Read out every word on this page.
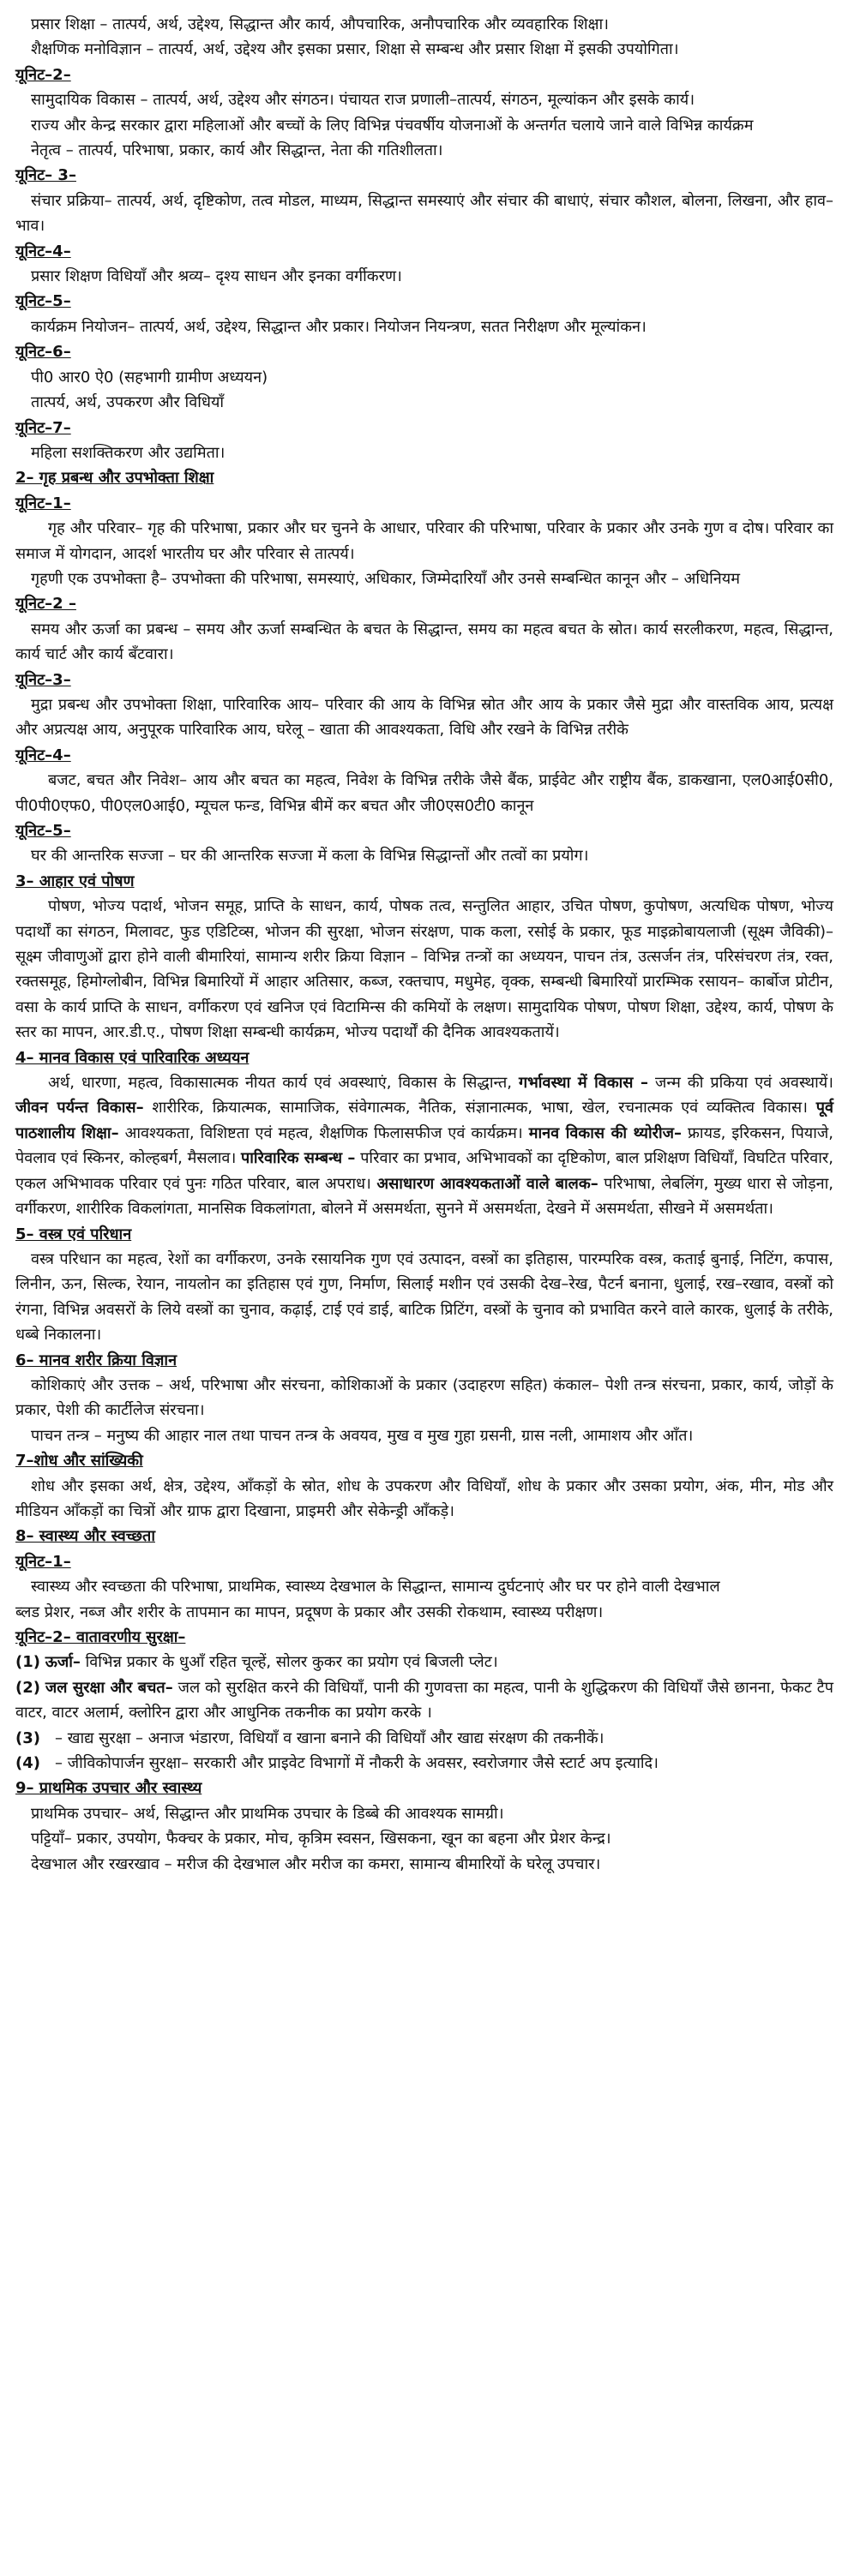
प्रसार शिक्षा – तात्पर्य, अर्थ, उद्देश्य, सिद्धान्त और कार्य, औपचारिक, अनौपचारिक और व्यवहारिक शिक्षा।

शैक्षणिक मनोविज्ञान – तात्पर्य, अर्थ, उद्देश्य और इसका प्रसार, शिक्षा से सम्बन्ध और प्रसार शिक्षा में इसकी उपयोगिता।

यूनिट–2–

सामुदायिक विकास – तात्पर्य, अर्थ, उद्देश्य और संगठन। पंचायत राज प्रणाली–तात्पर्य, संगठन, मूल्यांकन और इसके कार्य।

राज्य और केन्द्र सरकार द्वारा महिलाओं और बच्चों के लिए विभिन्न पंचवर्षीय योजनाओं के अन्तर्गत चलाये जाने वाले विभिन्न कार्यक्रम

नेतृत्व – तात्पर्य, परिभाषा, प्रकार, कार्य और सिद्धान्त, नेता की गतिशीलता।

यूनिट– 3–

संचार प्रक्रिया– तात्पर्य, अर्थ, दृष्टिकोण, तत्व मोडल, माध्यम, सिद्धान्त समस्याएं और संचार की बाधाएं, संचार कौशल, बोलना, लिखना, और हाव– भाव।

यूनिट–4–

प्रसार शिक्षण विधियाँ और श्रव्य– दृश्य साधन और इनका वर्गीकरण।

यूनिट–5–

कार्यक्रम नियोजन– तात्पर्य, अर्थ, उद्देश्य, सिद्धान्त और प्रकार। नियोजन नियन्त्रण, सतत निरीक्षण और मूल्यांकन।

यूनिट–6–

पी0 आर0 ऐ0 (सहभागी ग्रामीण अध्ययन)

तात्पर्य, अर्थ, उपकरण और विधियाँ

यूनिट–7–

महिला सशक्तिकरण और उद्यमिता।

2– गृह प्रबन्ध और उपभोक्ता शिक्षा
यूनिट–1–

गृह और परिवार– गृह की परिभाषा, प्रकार और घर चुनने के आधार, परिवार की परिभाषा, परिवार के प्रकार और उनके गुण व दोष। परिवार का समाज में योगदान, आदर्श भारतीय घर और परिवार से तात्पर्य।

गृहणी एक उपभोक्ता है– उपभोक्ता की परिभाषा, समस्याएं, अधिकार, जिम्मेदारियाँ और उनसे सम्बन्धित कानून और – अधिनियम

यूनिट–2 –

समय और ऊर्जा का प्रबन्ध – समय और ऊर्जा सम्बन्धित के बचत के सिद्धान्त, समय का महत्व बचत के स्रोत। कार्य सरलीकरण, महत्व, सिद्धान्त, कार्य चार्ट और कार्य बँटवारा।

यूनिट–3–

मुद्रा प्रबन्ध और उपभोक्ता शिक्षा, पारिवारिक आय– परिवार की आय के विभिन्न स्रोत और आय के प्रकार जैसे मुद्रा और वास्तविक आय, प्रत्यक्ष और अप्रत्यक्ष आय, अनुपूरक पारिवारिक आय, घरेलू – खाता की आवश्यकता, विधि और रखने के विभिन्न तरीके

यूनिट–4–

बजट, बचत और निवेश– आय और बचत का महत्व, निवेश के विभिन्न तरीके जैसे बैंक, प्राईवेट और राष्ट्रीय बैंक, डाकखाना, एल0आई0सी0, पी0पी0एफ0, पी0एल0आई0, म्यूचल फन्ड, विभिन्न बीमें कर बचत और जी0एस0टी0 कानून

यूनिट–5–

घर की आन्तरिक सज्जा – घर की आन्तरिक सज्जा में कला के विभिन्न सिद्धान्तों और तत्वों का प्रयोग।

3– आहार एवं पोषण

पोषण, भोज्य पदार्थ, भोजन समूह, प्राप्ति के साधन, कार्य, पोषक तत्व, सन्तुलित आहार, उचित पोषण, कुपोषण, अत्यधिक पोषण, भोज्य पदार्थों का संगठन, मिलावट, फुड एडिटिव्स, भोजन की सुरक्षा, भोजन संरक्षण, पाक कला, रसोई के प्रकार, फूड माइक्रोबायलाजी (सूक्ष्म जैविकी)–सूक्ष्म जीवाणुओं द्वारा होने वाली बीमारियां, सामान्य शरीर क्रिया विज्ञान – विभिन्न तन्त्रों का अध्ययन, पाचन तंत्र, उत्सर्जन तंत्र, परिसंचरण तंत्र, रक्त, रक्तसमूह, हिमोग्लोबीन, विभिन्न बिमारियों में आहार अतिसार, कब्ज, रक्तचाप, मधुमेह, वृक्क, सम्बन्धी बिमारियों प्रारम्भिक रसायन– कार्बोज प्रोटीन, वसा के कार्य प्राप्ति के साधन, वर्गीकरण एवं खनिज एवं विटामिन्स की कमियों के लक्षण। सामुदायिक पोषण, पोषण शिक्षा, उद्देश्य, कार्य, पोषण के स्तर का मापन, आर.डी.ए., पोषण शिक्षा सम्बन्धी कार्यक्रम, भोज्य पदार्थों की दैनिक आवश्यकतायें।

4– मानव विकास एवं पारिवारिक अध्ययन

अर्थ, धारणा, महत्व, विकासात्मक नीयत कार्य एवं अवस्थाएं, विकास के सिद्धान्त, गर्भावस्था में विकास – जन्म की प्रकिया एवं अवस्थायें। जीवन पर्यन्त विकास– शारीरिक, क्रियात्मक, सामाजिक, संवेगात्मक, नैतिक, संज्ञानात्मक, भाषा, खेल, रचनात्मक एवं व्यक्तित्व विकास। पूर्व पाठशालीय शिक्षा– आवश्यकता, विशिष्टता एवं महत्व, शैक्षणिक फिलासफीज एवं कार्यक्रम। मानव विकास की थ्योरीज– फ्रायड, इरिकसन, पियाजे, पेवलाव एवं स्किनर, कोल्हबर्ग, मैसलाव। पारिवारिक सम्बन्ध – परिवार का प्रभाव, अभिभावकों का दृष्टिकोण, बाल प्रशिक्षण विधियाँ, विघटित परिवार, एकल अभिभावक परिवार एवं पुनः गठित परिवार, बाल अपराध। असाधारण आवश्यकताओं वाले बालक– परिभाषा, लेबलिंग, मुख्य धारा से जोड़ना, वर्गीकरण, शारीरिक विकलांगता, मानसिक विकलांगता, बोलने में असमर्थता, सुनने में असमर्थता, देखने में असमर्थता, सीखने में असमर्थता।

5– वस्त्र एवं परिधान

वस्त्र परिधान का महत्व, रेशों का वर्गीकरण, उनके रसायनिक गुण एवं उत्पादन, वस्त्रों का इतिहास, पारम्परिक वस्त्र, कताई बुनाई, निटिंग, कपास, लिनीन, ऊन, सिल्क, रेयान, नायलोन का इतिहास एवं गुण, निर्माण, सिलाई मशीन एवं उसकी देख–रेख, पैटर्न बनाना, धुलाई, रख–रखाव, वस्त्रों को रंगना, विभिन्न अवसरों के लिये वस्त्रों का चुनाव, कढ़ाई, टाई एवं डाई, बाटिक प्रिटिंग, वस्त्रों के चुनाव को प्रभावित करने वाले कारक, धुलाई के तरीके, धब्बे निकालना।

6– मानव शरीर क्रिया विज्ञान

कोशिकाएं और उत्तक – अर्थ, परिभाषा और संरचना, कोशिकाओं के प्रकार (उदाहरण सहित) कंकाल– पेशी तन्त्र संरचना, प्रकार, कार्य, जोड़ों के प्रकार, पेशी की कार्टीलेज संरचना।

पाचन तन्त्र – मनुष्य की आहार नाल तथा पाचन तन्त्र के अवयव, मुख व मुख गुहा ग्रसनी, ग्रास नली, आमाशय और आँत।

7–शोध और सांख्यिकी

शोध और इसका अर्थ, क्षेत्र, उद्देश्य, आँकड़ों के स्रोत, शोध के उपकरण और विधियाँ, शोध के प्रकार और उसका प्रयोग, अंक, मीन, मोड और मीडियन आँकड़ों का चित्रों और ग्राफ द्वारा दिखाना, प्राइमरी और सेकेन्ड्री आँकड़े।

8– स्वास्थ्य और स्वच्छता
यूनिट–1–

स्वास्थ्य और स्वच्छता की परिभाषा, प्राथमिक, स्वास्थ्य देखभाल के सिद्धान्त, सामान्य दुर्घटनाएं और घर पर होने वाली देखभाल

ब्लड प्रेशर, नब्ज और शरीर के तापमान का मापन, प्रदूषण के प्रकार और उसकी रोकथाम, स्वास्थ्य परीक्षण।

यूनिट–2– वातावरणीय सुरक्षा–

(1) ऊर्जा– विभिन्न प्रकार के धुआँ रहित चूल्हें, सोलर कुकर का प्रयोग एवं बिजली प्लेट।

(2) जल सुरक्षा और बचत– जल को सुरक्षित करने की विधियाँ, पानी की गुणवत्ता का महत्व, पानी के शुद्धिकरण की विधियाँ जैसे छानना, फेकट टैप वाटर, वाटर अलार्म, क्लोरिन द्वारा और आधुनिक तकनीक का प्रयोग करके ।

(3) – खाद्य सुरक्षा – अनाज भंडारण, विधियाँ व खाना बनाने की विधियाँ और खाद्य संरक्षण की तकनीकें।

(4) – जीविकोपार्जन सुरक्षा– सरकारी और प्राइवेट विभागों में नौकरी के अवसर, स्वरोजगार जैसे स्टार्ट अप इत्यादि।

9– प्राथमिक उपचार और स्वास्थ्य

प्राथमिक उपचार– अर्थ, सिद्धान्त और प्राथमिक उपचार के डिब्बे की आवश्यक सामग्री।

पट्टियाँ– प्रकार, उपयोग, फैक्चर के प्रकार, मोच, कृत्रिम स्वसन, खिसकना, खून का बहना और प्रेशर केन्द्र।

देखभाल और रखरखाव – मरीज की देखभाल और मरीज का कमरा, सामान्य बीमारियों के घरेलू उपचार।
